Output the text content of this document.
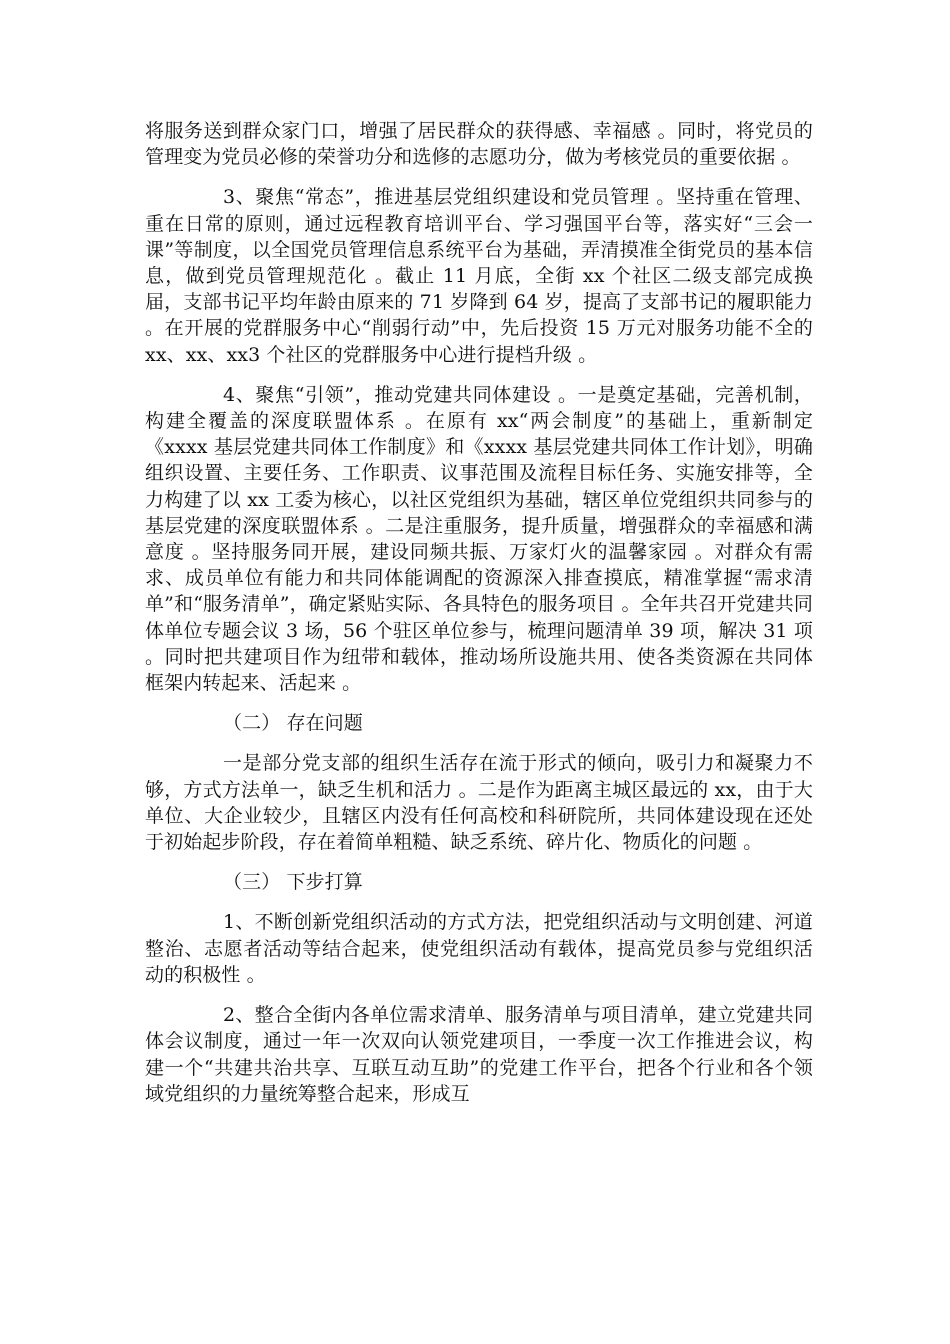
将服务送到群众家门口，增强了居民群众的获得感、幸福感 。同时，将党员的管理变为党员必修的荣誉功分和选修的志愿功分，做为考核党员的重要依据 。

3、聚焦“常态”，推进基层党组织建设和党员管理 。坚持重在管理、重在日常的原则，通过远程教育培训平台、学习强国平台等，落实好“三会一课”等制度，以全国党员管理信息系统平台为基础，弄清摸准全街党员的基本信息，做到党员管理规范化 。截止 11 月底，全街 xx 个社区二级支部完成换届，支部书记平均年龄由原来的 71 岁降到 64 岁，提高了支部书记的履职能力 。在开展的党群服务中心“削弱行动”中，先后投资 15 万元对服务功能不全的 xx、xx、xx3 个社区的党群服务中心进行提档升级 。

4、聚焦“引领”，推动党建共同体建设 。一是奠定基础，完善机制，构建全覆盖的深度联盟体系 。在原有 xx“两会制度”的基础上，重新制定《xxxx 基层党建共同体工作制度》和《xxxx 基层党建共同体工作计划》，明确组织设置、主要任务、工作职责、议事范围及流程目标任务、实施安排等，全力构建了以 xx 工委为核心，以社区党组织为基础，辖区单位党组织共同参与的基层党建的深度联盟体系 。二是注重服务，提升质量，增强群众的幸福感和满意度 。坚持服务同开展，建设同频共振、万家灯火的温馨家园 。对群众有需求、成员单位有能力和共同体能调配的资源深入排查摸底，精准掌握“需求清单”和“服务清单”，确定紧贴实际、各具特色的服务项目 。全年共召开党建共同体单位专题会议 3 场，56 个驻区单位参与，梳理问题清单 39 项，解决 31 项 。同时把共建项目作为纽带和载体，推动场所设施共用、使各类资源在共同体框架内转起来、活起来 。

（二） 存在问题

一是部分党支部的组织生活存在流于形式的倾向，吸引力和凝聚力不够，方式方法单一，缺乏生机和活力 。二是作为距离主城区最远的 xx，由于大单位、大企业较少，且辖区内没有任何高校和科研院所，共同体建设现在还处于初始起步阶段，存在着简单粗糙、缺乏系统、碎片化、物质化的问题 。

（三） 下步打算

1、不断创新党组织活动的方式方法，把党组织活动与文明创建、河道整治、志愿者活动等结合起来，使党组织活动有载体，提高党员参与党组织活动的积极性 。

2、整合全街内各单位需求清单、服务清单与项目清单，建立党建共同体会议制度，通过一年一次双向认领党建项目，一季度一次工作推进会议，构建一个“共建共治共享、互联互动互助”的党建工作平台，把各个行业和各个领域党组织的力量统筹整合起来，形成互
